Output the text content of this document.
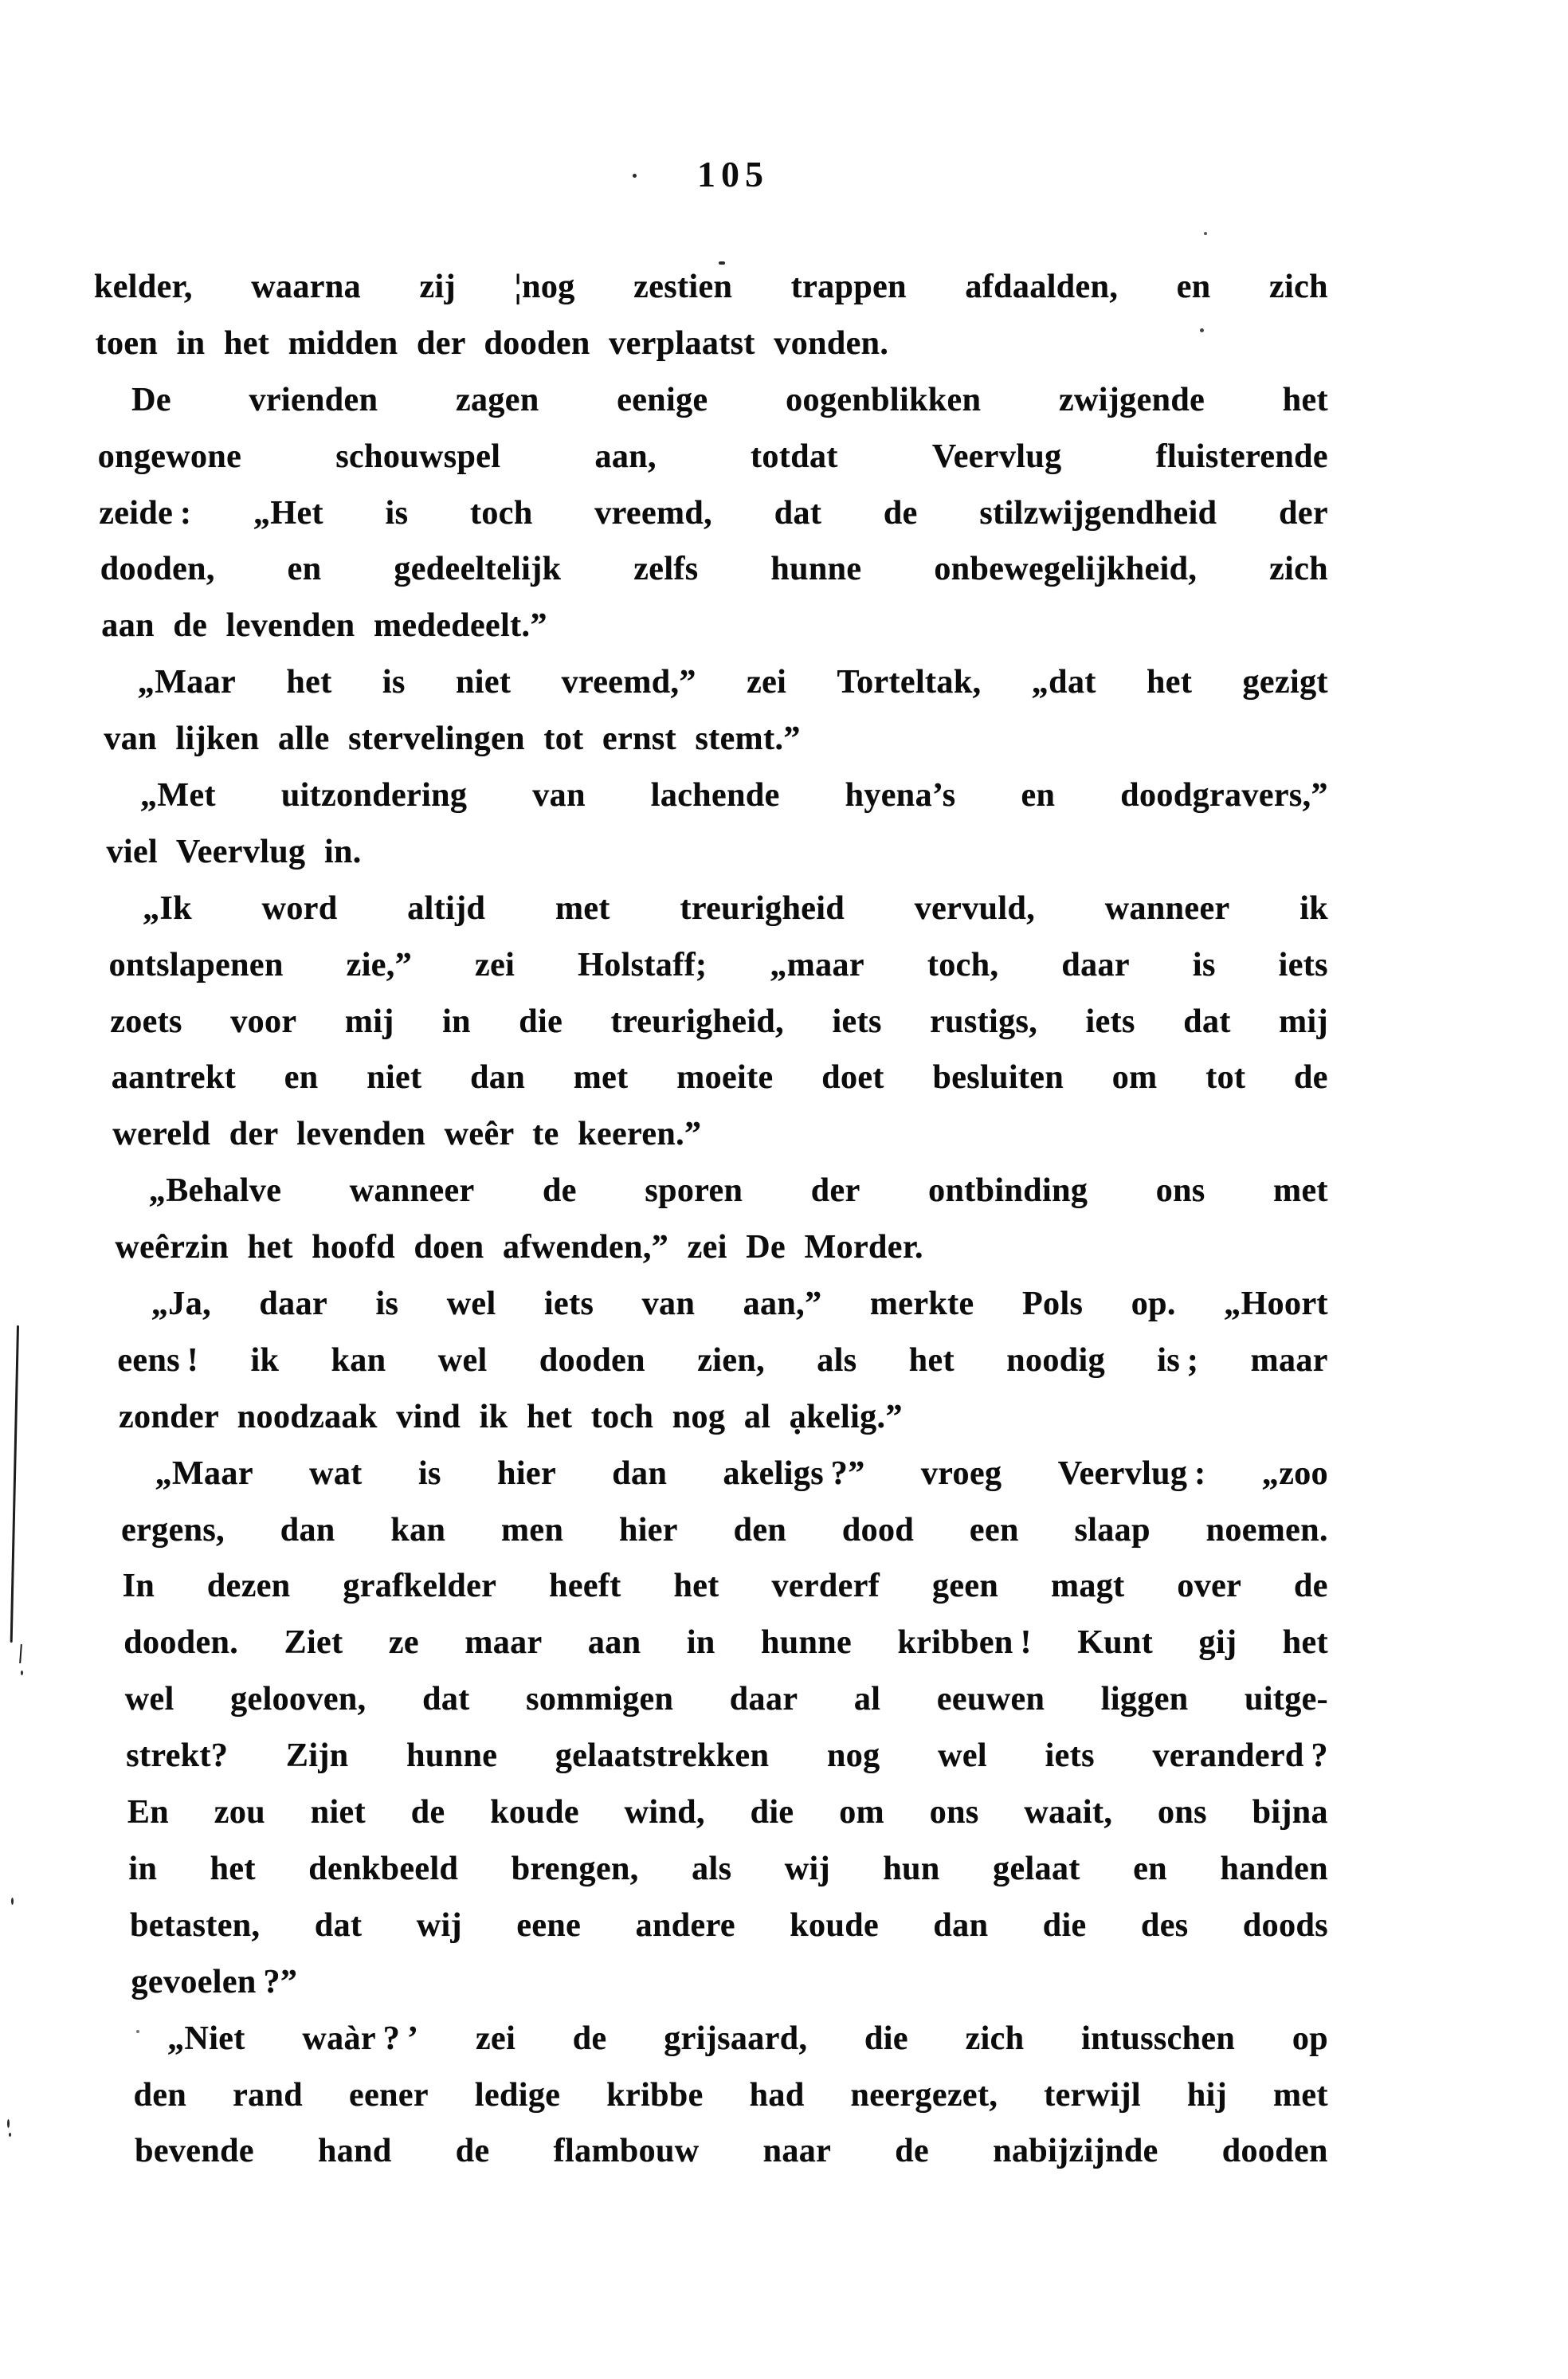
105
kelder, waarna zij ¦nog zestien trappen afdaalden, en zich
toen in het midden der dooden verplaatst vonden.
De vrienden zagen eenige oogenblikken zwijgende het
ongewone	schouwspel	aan,	totdat	Veervlug	fluisterende
zeide : „Het is toch vreemd, dat de stilzwijgendheid der
dooden, en gedeeltelijk zelfs hunne onbewegelijkheid, zich
aan de levenden mededeelt.”
„Maar het is niet vreemd,” zei Torteltak, „dat het gezigt
van lijken alle stervelingen tot ernst stemt.”
„Met uitzondering van lachende hyena’s en doodgravers,”
viel Veervlug in.
„Ik word altijd met treurigheid vervuld, wanneer ik
ontslapenen zie,” zei Holstaff; „maar toch, daar is iets
zoets voor mij in die treurigheid, iets rustigs, iets dat mij
aantrekt en niet dan met moeite doet besluiten om tot de
wereld der levenden weêr te keeren.”
„Behalve wanneer de sporen der ontbinding ons met
weêrzin het hoofd doen afwenden,” zei De Morder.
„Ja, daar is wel iets van aan,” merkte Pols op. „Hoort
eens ! ik kan wel dooden zien, als het noodig is ; maar
zonder noodzaak vind ik het toch nog al ạkelig.”
„Maar wat is hier dan akeligs ?” vroeg Veervlug : „zoo
ergens, dan kan men hier den dood een slaap noemen.
In dezen grafkelder heeft het verderf geen magt over de
dooden. Ziet ze maar aan in hunne kribben ! Kunt gij het
wel gelooven, dat sommigen daar al eeuwen liggen uitge-
strekt? Zijn hunne gelaatstrekken nog wel iets veranderd ?
En zou niet de koude wind, die om ons waait, ons bijna
in het denkbeeld brengen, als wij hun gelaat en handen
betasten, dat wij eene andere koude dan die des doods
gevoelen ?”
„Niet waàr ? ’ zei de grijsaard, die zich intusschen op
den rand eener ledige kribbe had neergezet, terwijl hij met
bevende hand de flambouw naar de nabijzijnde dooden
